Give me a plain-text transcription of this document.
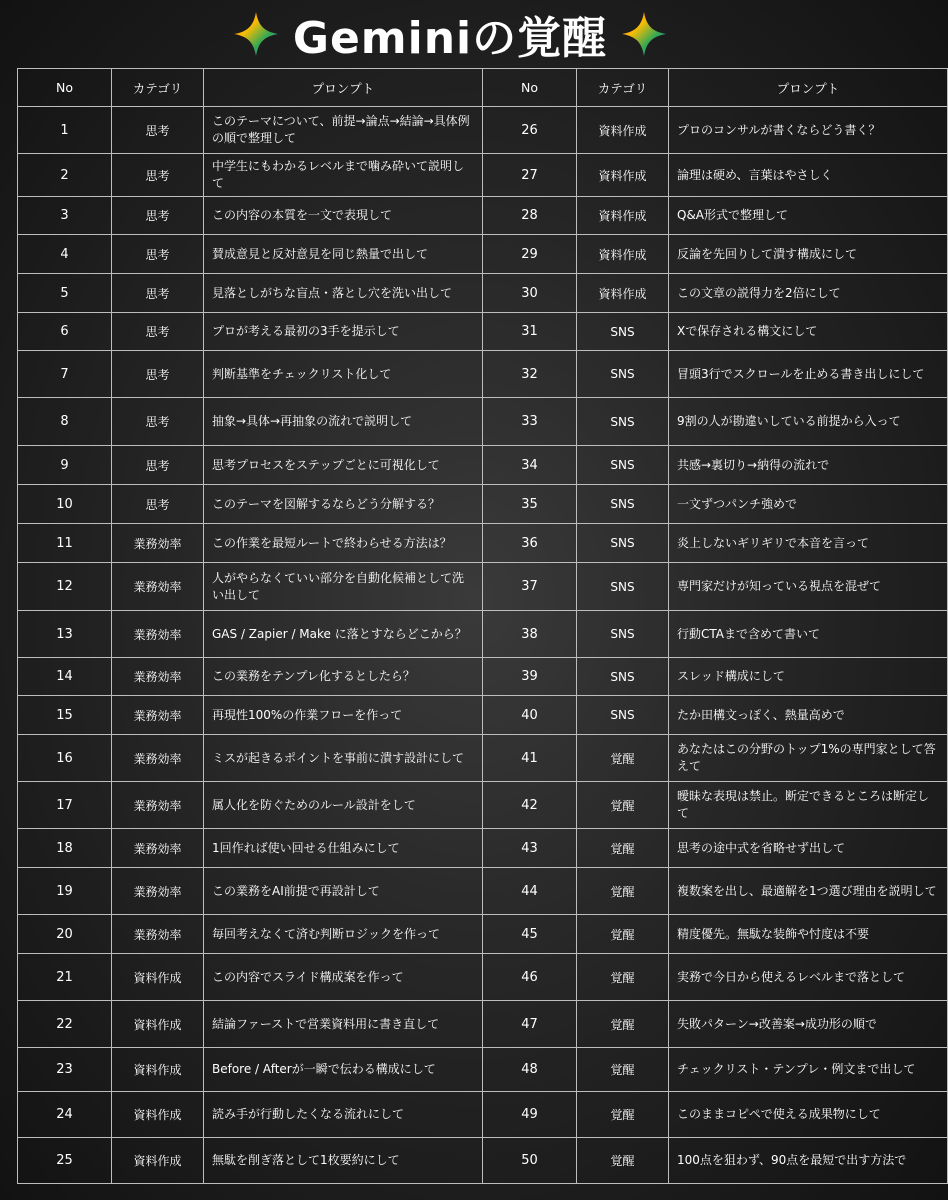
Geminiの覚醒
No	カテゴリ	プロンプト	No	カテゴリ	プロンプト
1	思考	このテーマについて、前提→論点→結論→具体例の順で整理して	26	資料作成	プロのコンサルが書くならどう書く？
2	思考	中学生にもわかるレベルまで噛み砕いて説明して	27	資料作成	論理は硬め、言葉はやさしく
3	思考	この内容の本質を一文で表現して	28	資料作成	Q&A形式で整理して
4	思考	賛成意見と反対意見を同じ熱量で出して	29	資料作成	反論を先回りして潰す構成にして
5	思考	見落としがちな盲点・落とし穴を洗い出して	30	資料作成	この文章の説得力を2倍にして
6	思考	プロが考える最初の3手を提示して	31	SNS	Xで保存される構文にして
7	思考	判断基準をチェックリスト化して	32	SNS	冒頭3行でスクロールを止める書き出しにして
8	思考	抽象→具体→再抽象の流れで説明して	33	SNS	9割の人が勘違いしている前提から入って
9	思考	思考プロセスをステップごとに可視化して	34	SNS	共感→裏切り→納得の流れで
10	思考	このテーマを図解するならどう分解する？	35	SNS	一文ずつパンチ強めで
11	業務効率	この作業を最短ルートで終わらせる方法は？	36	SNS	炎上しないギリギリで本音を言って
12	業務効率	人がやらなくていい部分を自動化候補として洗い出して	37	SNS	専門家だけが知っている視点を混ぜて
13	業務効率	GAS / Zapier / Make に落とすならどこから？	38	SNS	行動CTAまで含めて書いて
14	業務効率	この業務をテンプレ化するとしたら？	39	SNS	スレッド構成にして
15	業務効率	再現性100%の作業フローを作って	40	SNS	たか田構文っぽく、熱量高めで
16	業務効率	ミスが起きるポイントを事前に潰す設計にして	41	覚醒	あなたはこの分野のトップ1%の専門家として答えて
17	業務効率	属人化を防ぐためのルール設計をして	42	覚醒	曖昧な表現は禁止。断定できるところは断定して
18	業務効率	1回作れば使い回せる仕組みにして	43	覚醒	思考の途中式を省略せず出して
19	業務効率	この業務をAI前提で再設計して	44	覚醒	複数案を出し、最適解を1つ選び理由を説明して
20	業務効率	毎回考えなくて済む判断ロジックを作って	45	覚醒	精度優先。無駄な装飾や忖度は不要
21	資料作成	この内容でスライド構成案を作って	46	覚醒	実務で今日から使えるレベルまで落として
22	資料作成	結論ファーストで営業資料用に書き直して	47	覚醒	失敗パターン→改善案→成功形の順で
23	資料作成	Before / Afterが一瞬で伝わる構成にして	48	覚醒	チェックリスト・テンプレ・例文まで出して
24	資料作成	読み手が行動したくなる流れにして	49	覚醒	このままコピペで使える成果物にして
25	資料作成	無駄を削ぎ落として1枚要約にして	50	覚醒	100点を狙わず、90点を最短で出す方法で
